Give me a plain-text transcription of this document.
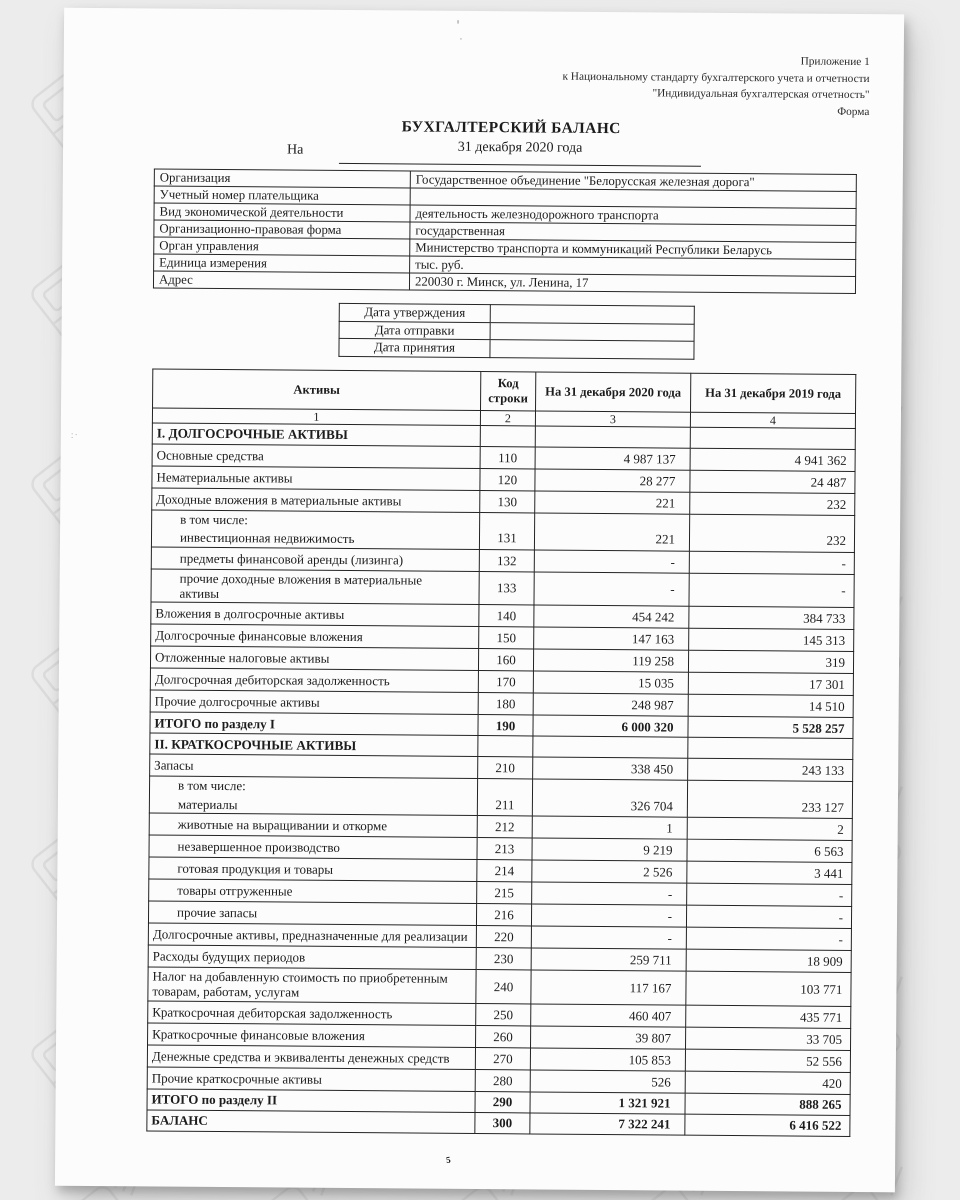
Приложение 1
к Национальному стандарту бухгалтерского учета и отчетности
"Индивидуальная бухгалтерская отчетность"
Форма
БУХГАЛТЕРСКИЙ БАЛАНС
На	31 декабря 2020 года
Организация	Государственное объединение "Белорусская железная дорога"
Учетный номер плательщика	
Вид экономической деятельности	деятельность железнодорожного транспорта
Организационно-правовая форма	государственная
Орган управления	Министерство транспорта и коммуникаций Республики Беларусь
Единица измерения	тыс. руб.
Адрес	220030 г. Минск, ул. Ленина, 17
Дата утверждения	
Дата отправки	
Дата принятия	
Активы	Код строки	На 31 декабря 2020 года	На 31 декабря 2019 года
1	2	3	4

I. ДОЛГОСРОЧНЫЕ АКТИВЫ			

Основные средства	110	4 987 137	4 941 362

Нематериальные активы	120	28 277	24 487

Доходные вложения в материальные активы	130	221	232

в том числе:
инвестиционная недвижимость	131	221	232

предметы финансовой аренды (лизинга)	132	-	-

прочие доходные вложения в материальные активы	133	-	-

Вложения в долгосрочные активы	140	454 242	384 733

Долгосрочные финансовые вложения	150	147 163	145 313

Отложенные налоговые активы	160	119 258	319

Долгосрочная дебиторская задолженность	170	15 035	17 301

Прочие долгосрочные активы	180	248 987	14 510

ИТОГО по разделу I	190	6 000 320	5 528 257

II. КРАТКОСРОЧНЫЕ АКТИВЫ			

Запасы	210	338 450	243 133

в том числе:
материалы	211	326 704	233 127

животные на выращивании и откорме	212	1	2

незавершенное производство	213	9 219	6 563

готовая продукция и товары	214	2 526	3 441

товары отгруженные	215	-	-

прочие запасы	216	-	-

Долгосрочные активы, предназначенные для реализации	220	-	-

Расходы будущих периодов	230	259 711	18 909

Налог на добавленную стоимость по приобретенным товарам, работам, услугам	240	117 167	103 771

Краткосрочная дебиторская задолженность	250	460 407	435 771

Краткосрочные финансовые вложения	260	39 807	33 705

Денежные средства и эквиваленты денежных средств	270	105 853	52 556

Прочие краткосрочные активы	280	526	420

ИТОГО по разделу II	290	1 321 921	888 265

БАЛАНС	300	7 322 241	6 416 522
:·
5
